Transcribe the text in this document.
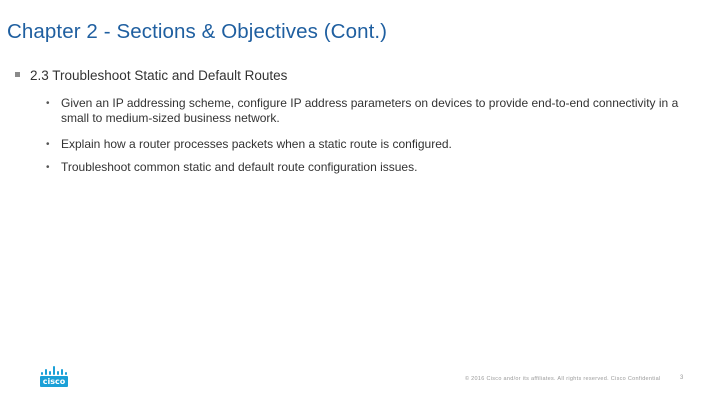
Chapter 2 - Sections & Objectives (Cont.)
2.3 Troubleshoot Static and Default Routes
• Given an IP addressing scheme, configure IP address parameters on devices to provide end-to-end connectivity in a small to medium-sized business network.
• Explain how a router processes packets when a static route is configured.
• Troubleshoot common static and default route configuration issues.
cisco	© 2016 Cisco and/or its affiliates. All rights reserved. Cisco Confidential	3
